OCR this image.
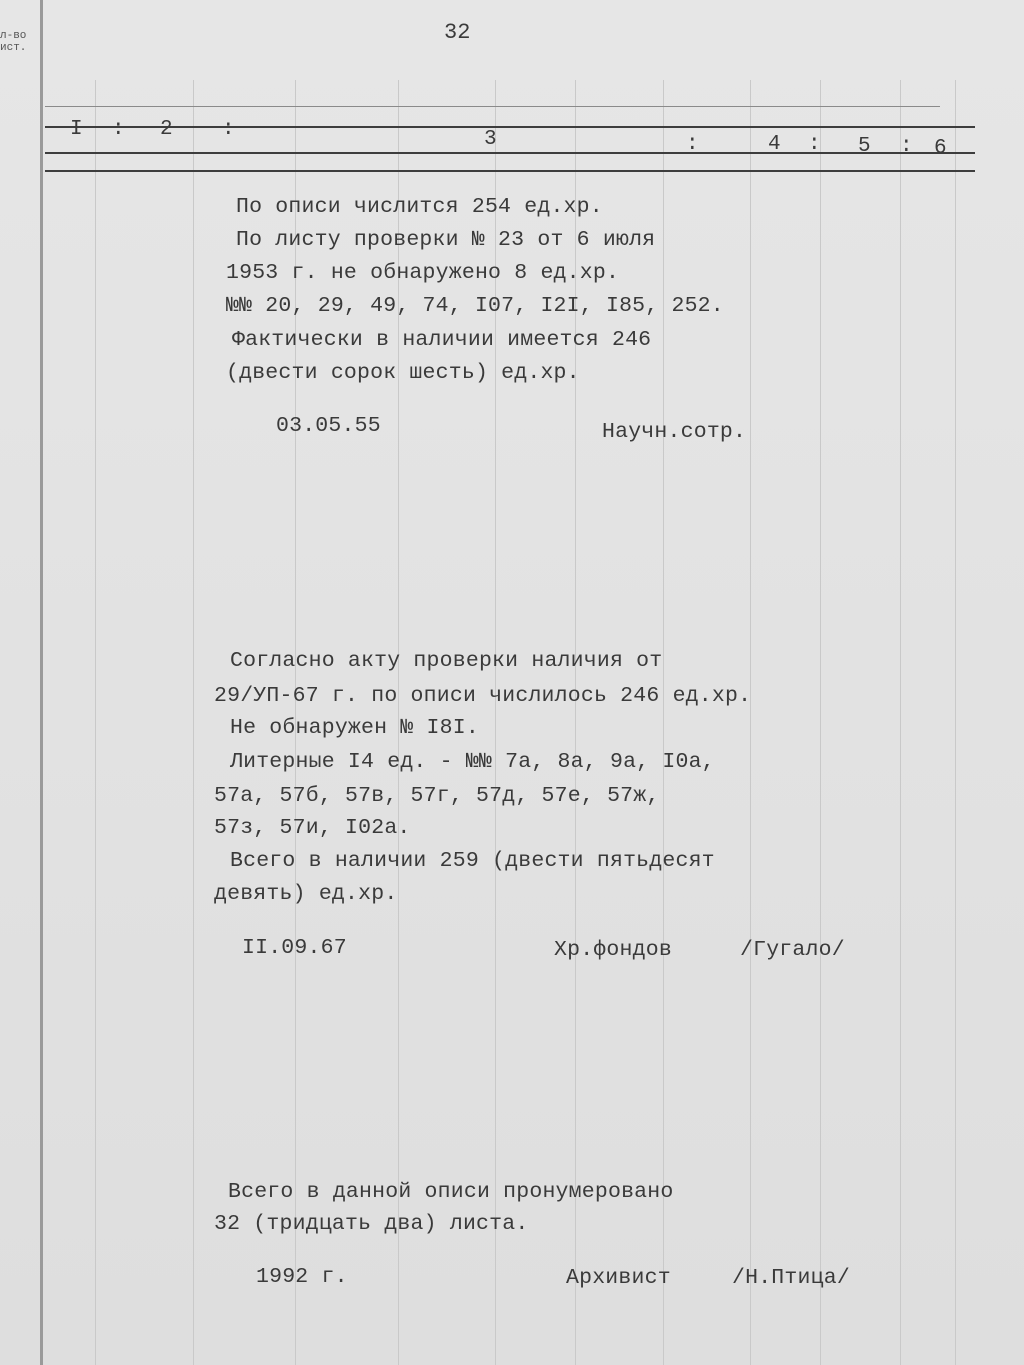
л-во
ист.
32
I : 2 :	3	:	4 : 5 : 6
По описи числится 254 ед.хр.
По листу проверки № 23 от 6 июля
1953 г. не обнаружено 8 ед.хр.
№№ 20, 29, 49, 74, I07, I2I, I85, 252.
Фактически в наличии имеется 246
(двести сорок шесть) ед.хр.
03.05.55	Научн.сотр.
Согласно акту проверки наличия от
29/УП-67 г. по описи числилось 246 ед.хр.
Не обнаружен № I8I.
Литерные I4 ед. - №№ 7а, 8а, 9а, I0а,
57а, 57б, 57в, 57г, 57д, 57е, 57ж,
57з, 57и, I02а.
Всего в наличии 259 (двести пятьдесят
девять) ед.хр.
II.09.67	Хр.фондов	/Гугало/
Всего в данной описи пронумеровано
32 (тридцать два) листа.
1992 г.	Архивист	/Н.Птица/
